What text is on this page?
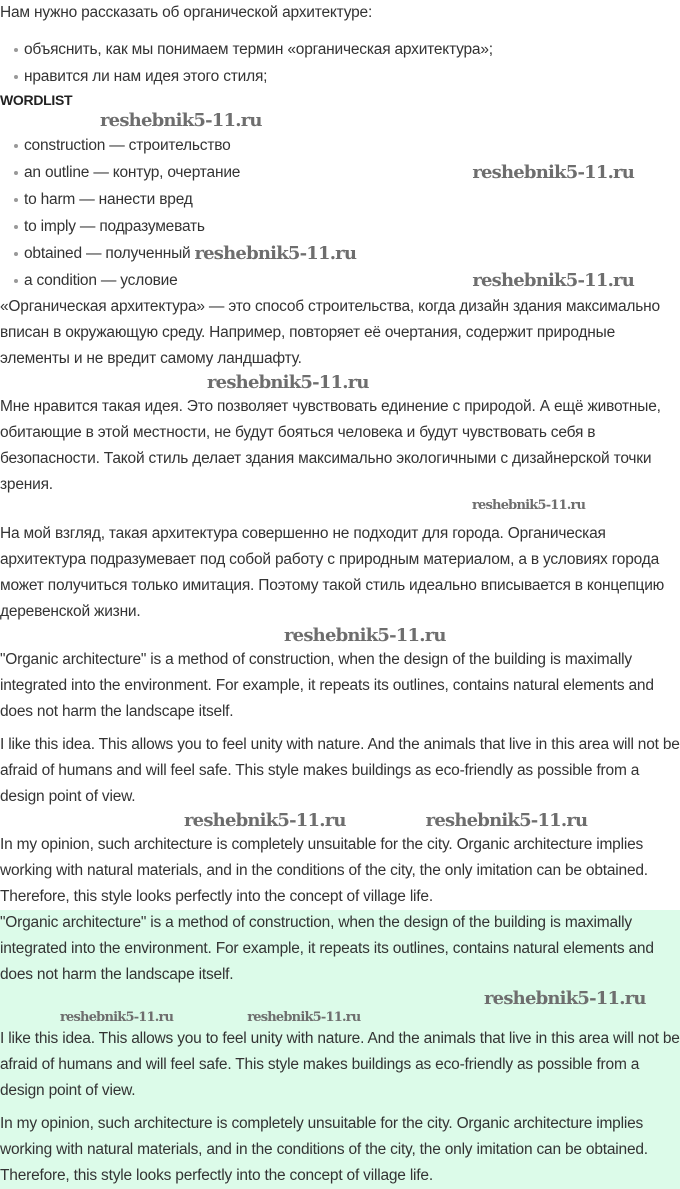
Нам нужно рассказать об органической архитектуре:

объяснить, как мы понимаем термин «органическая архитектура»;
нравится ли нам идея этого стиля;
WORDLIST
reshebnik5-11.ru
construction — строительство
an outline — контур, очертание	reshebnik5-11.ru
to harm — нанести вред
to imply — подразумевать
obtained — полученный reshebnik5-11.ru
a condition — условие	reshebnik5-11.ru

«Органическая архитектура» — это способ строительства, когда дизайн здания максимально вписан в окружающую среду. Например, повторяет её очертания, содержит природные элементы и не вредит самому ландшафту.

reshebnik5-11.ru

Мне нравится такая идея. Это позволяет чувствовать единение с природой. А ещё животные, обитающие в этой местности, не будут бояться человека и будут чувствовать себя в безопасности. Такой стиль делает здания максимально экологичными с дизайнерской точки зрения.

reshebnik5-11.ru

На мой взгляд, такая архитектура совершенно не подходит для города. Органическая архитектура подразумевает под собой работу с природным материалом, а в условиях города может получиться только имитация. Поэтому такой стиль идеально вписывается в концепцию деревенской жизни.

reshebnik5-11.ru

"Organic architecture" is a method of construction, when the design of the building is maximally integrated into the environment. For example, it repeats its outlines, contains natural elements and does not harm the landscape itself.

I like this idea. This allows you to feel unity with nature. And the animals that live in this area will not be afraid of humans and will feel safe. This style makes buildings as eco-friendly as possible from a design point of view.

reshebnik5-11.ru	reshebnik5-11.ru

In my opinion, such architecture is completely unsuitable for the city. Organic architecture implies working with natural materials, and in the conditions of the city, the only imitation can be obtained. Therefore, this style looks perfectly into the concept of village life.

"Organic architecture" is a method of construction, when the design of the building is maximally integrated into the environment. For example, it repeats its outlines, contains natural elements and does not harm the landscape itself.

reshebnik5-11.ru
reshebnik5-11.ru	reshebnik5-11.ru

I like this idea. This allows you to feel unity with nature. And the animals that live in this area will not be afraid of humans and will feel safe. This style makes buildings as eco-friendly as possible from a design point of view.

In my opinion, such architecture is completely unsuitable for the city. Organic architecture implies working with natural materials, and in the conditions of the city, the only imitation can be obtained. Therefore, this style looks perfectly into the concept of village life.
